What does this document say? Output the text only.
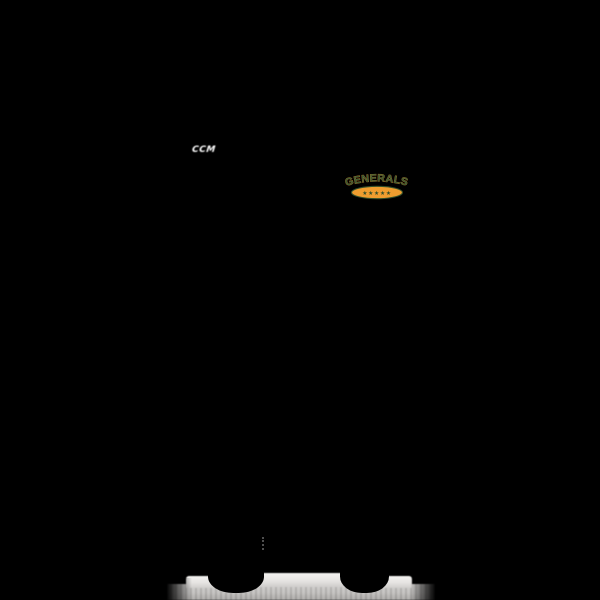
CCM
GENERALS
★★★★★
